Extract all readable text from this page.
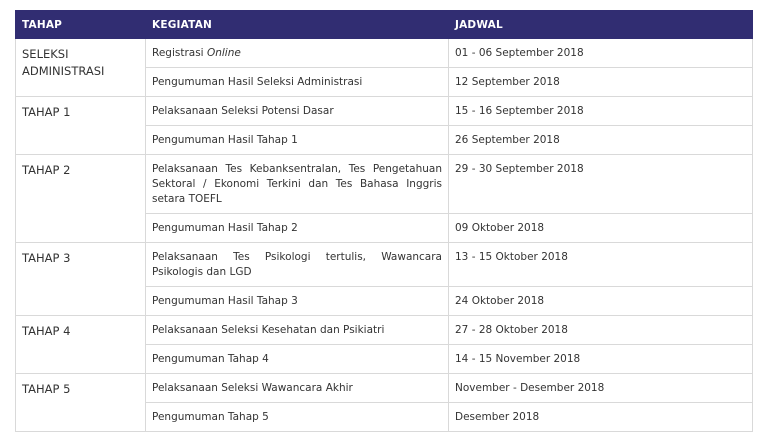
TAHAP	KEGIATAN	JADWAL
SELEKSI ADMINISTRASI	Registrasi Online	01 - 06 September 2018
	Pengumuman Hasil Seleksi Administrasi	12 September 2018
TAHAP 1	Pelaksanaan Seleksi Potensi Dasar	15 - 16 September 2018
	Pengumuman Hasil Tahap 1	26 September 2018
TAHAP 2	Pelaksanaan Tes Kebanksentralan, Tes Pengetahuan Sektoral / Ekonomi Terkini dan Tes Bahasa Inggris setara TOEFL	29 - 30 September 2018
	Pengumuman Hasil Tahap 2	09 Oktober 2018
TAHAP 3	Pelaksanaan Tes Psikologi tertulis, Wawancara Psikologis dan LGD	13 - 15 Oktober 2018
	Pengumuman Hasil Tahap 3	24 Oktober 2018
TAHAP 4	Pelaksanaan Seleksi Kesehatan dan Psikiatri	27 - 28 Oktober 2018
	Pengumuman Tahap 4	14 - 15 November 2018
TAHAP 5	Pelaksanaan Seleksi Wawancara Akhir	November - Desember 2018
	Pengumuman Tahap 5	Desember 2018
